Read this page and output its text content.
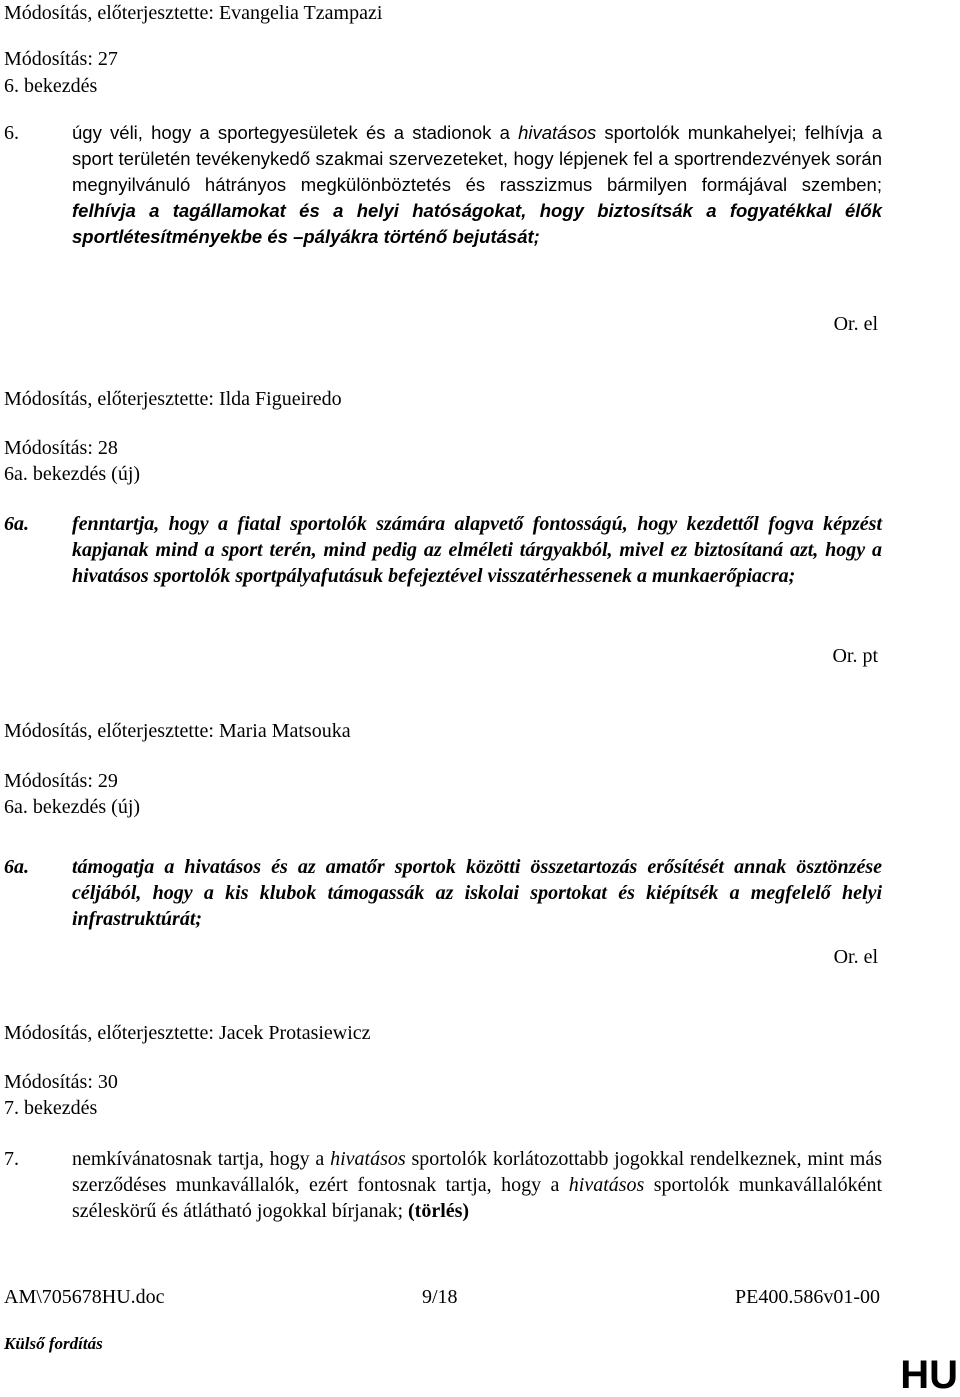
Módosítás, előterjesztette: Evangelia Tzampazi
Módosítás: 27
6. bekezdés
6.	úgy véli, hogy a sportegyesületek és a stadionok a hivatásos sportolók munkahelyei; felhívja a sport területén tevékenykedő szakmai szervezeteket, hogy lépjenek fel a sportrendezvények során megnyilvánuló hátrányos megkülönböztetés és rasszizmus bármilyen formájával szemben; felhívja a tagállamokat és a helyi hatóságokat, hogy biztosítsák a fogyatékkal élők sportlétesítményekbe és –pályákra történő bejutását;
Or. el
Módosítás, előterjesztette: Ilda Figueiredo
Módosítás: 28
6a. bekezdés (új)
6a. fenntartja, hogy a fiatal sportolók számára alapvető fontosságú, hogy kezdettől fogva képzést kapjanak mind a sport terén, mind pedig az elméleti tárgyakból, mivel ez biztosítaná azt, hogy a hivatásos sportolók sportpályafutásuk befejeztével visszatérhessenek a munkaerőpiacra;
Or. pt
Módosítás, előterjesztette: Maria Matsouka
Módosítás: 29
6a. bekezdés (új)
6a. támogatja a hivatásos és az amatőr sportok közötti összetartozás erősítését annak ösztönzése céljából, hogy a kis klubok támogassák az iskolai sportokat és kiépítsék a megfelelő helyi infrastruktúrát;
Or. el
Módosítás, előterjesztette: Jacek Protasiewicz
Módosítás: 30
7. bekezdés
7.	nemkívánatosnak tartja, hogy a hivatásos sportolók korlátozottabb jogokkal rendelkeznek, mint más szerződéses munkavállalók, ezért fontosnak tartja, hogy a hivatásos sportolók munkavállalóként széleskörű és átlátható jogokkal bírjanak; (törlés)
AM\705678HU.doc	9/18	PE400.586v01-00
Külső fordítás
HU
